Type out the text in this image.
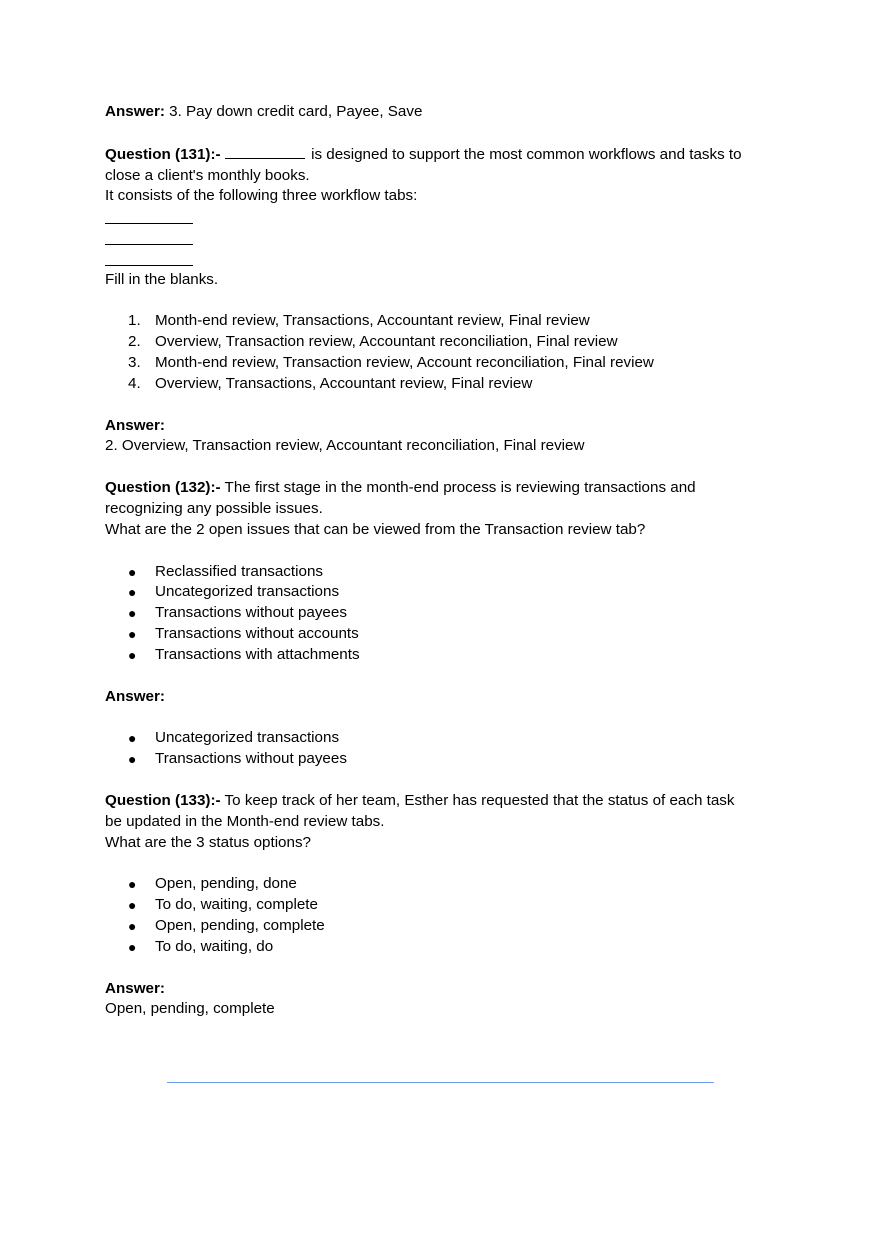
Answer: 3. Pay down credit card, Payee, Save
Question (131):-	is designed to support the most common workflows and tasks to
close a client's monthly books.
It consists of the following three workflow tabs:
Fill in the blanks.
1. Month-end review, Transactions, Accountant review, Final review
2. Overview, Transaction review, Accountant reconciliation, Final review
3. Month-end review, Transaction review, Account reconciliation, Final review
4. Overview, Transactions, Accountant review, Final review
Answer:
2. Overview, Transaction review, Accountant reconciliation, Final review
Question (132):- The first stage in the month-end process is reviewing transactions and
recognizing any possible issues.
What are the 2 open issues that can be viewed from the Transaction review tab?
● Reclassified transactions
● Uncategorized transactions
● Transactions without payees
● Transactions without accounts
● Transactions with attachments
Answer:
● Uncategorized transactions
● Transactions without payees
Question (133):- To keep track of her team, Esther has requested that the status of each task
be updated in the Month-end review tabs.
What are the 3 status options?
● Open, pending, done
● To do, waiting, complete
● Open, pending, complete
● To do, waiting, do
Answer:
Open, pending, complete
